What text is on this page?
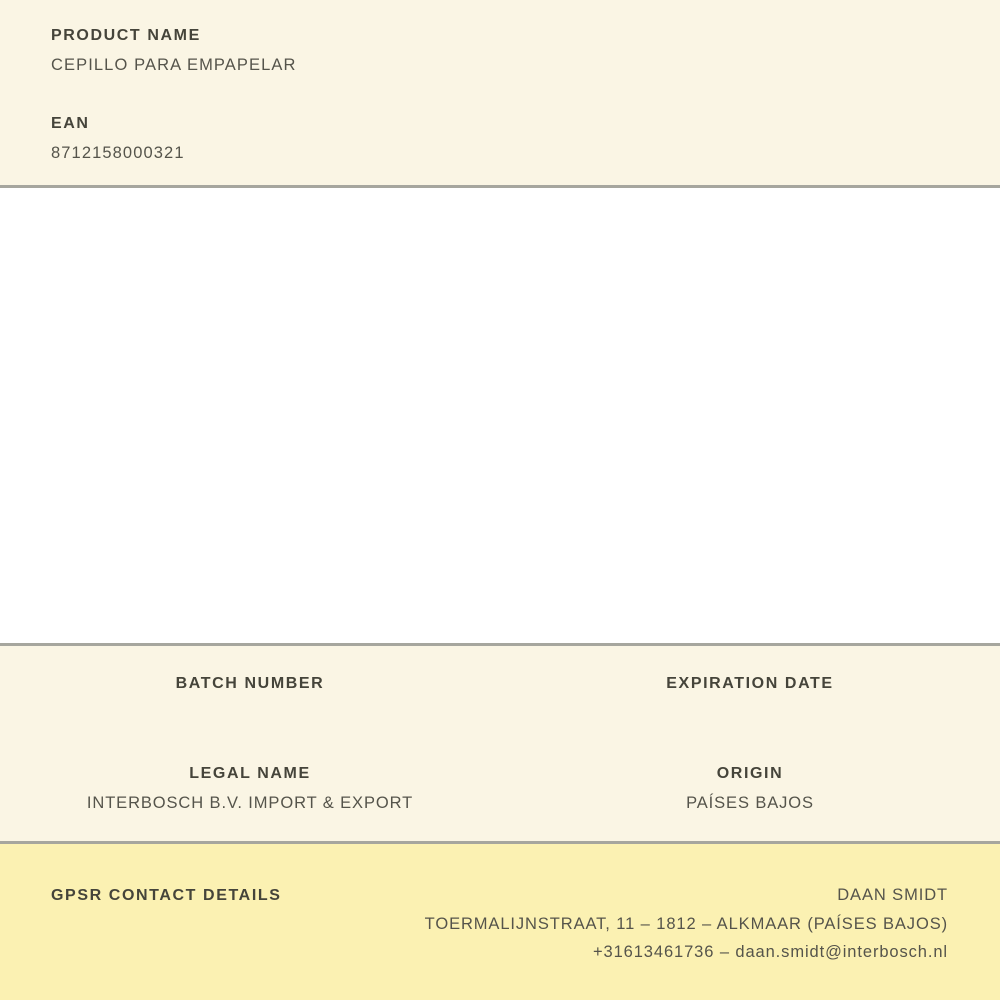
PRODUCT NAME
CEPILLO PARA EMPAPELAR
EAN
8712158000321
BATCH NUMBER	EXPIRATION DATE
LEGAL NAME
INTERBOSCH B.V. IMPORT & EXPORT
ORIGIN
PAÍSES BAJOS
GPSR CONTACT DETAILS	DAAN SMIDT
TOERMALIJNSTRAAT, 11 – 1812 – ALKMAAR (PAÍSES BAJOS)
+31613461736 – daan.smidt@interbosch.nl
